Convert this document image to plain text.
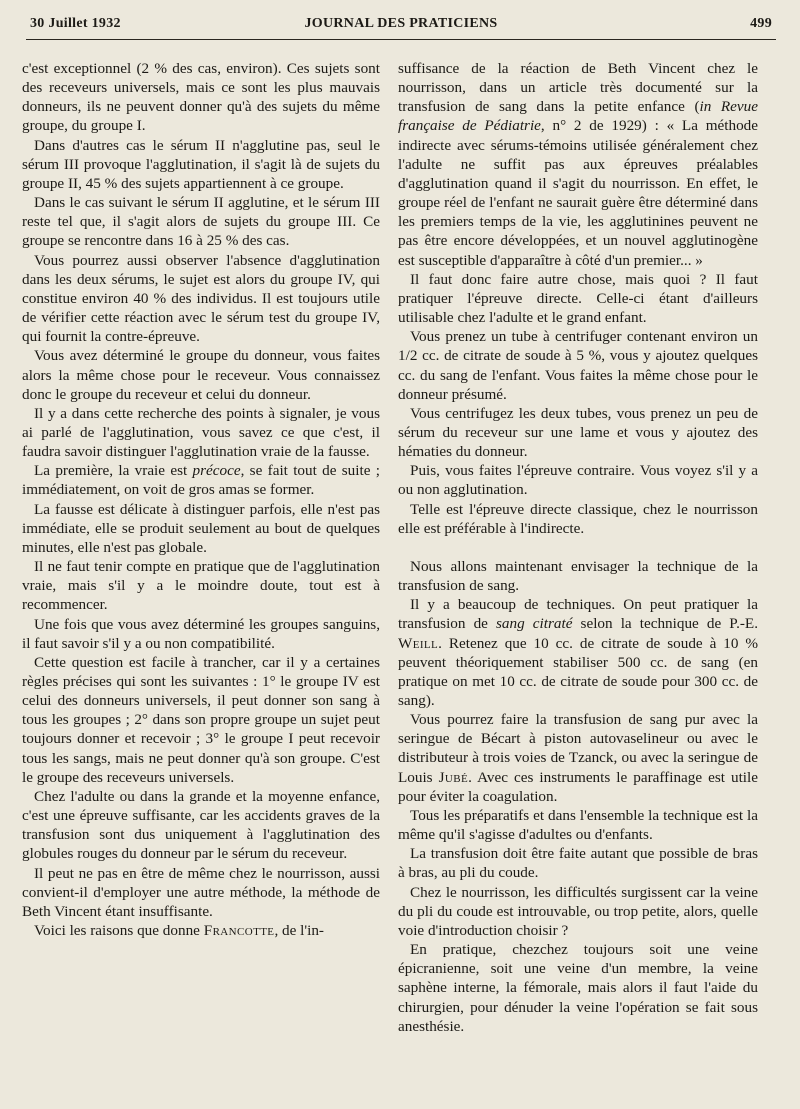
30 Juillet 1932	JOURNAL DES PRATICIENS	499

c'est exceptionnel (2 % des cas, environ). Ces sujets sont des receveurs universels, mais ce sont les plus mauvais donneurs, ils ne peuvent donner qu'à des sujets du même groupe, du groupe I.

Dans d'autres cas le sérum II n'agglutine pas, seul le sérum III provoque l'agglutination, il s'agit là de sujets du groupe II, 45 % des sujets appartiennent à ce groupe.

Dans le cas suivant le sérum II agglutine, et le sérum III reste tel que, il s'agit alors de sujets du groupe III. Ce groupe se rencontre dans 16 à 25 % des cas.

Vous pourrez aussi observer l'absence d'agglutination dans les deux sérums, le sujet est alors du groupe IV, qui constitue environ 40 % des individus. Il est toujours utile de vérifier cette réaction avec le sérum test du groupe IV, qui fournit la contre-épreuve.

Vous avez déterminé le groupe du donneur, vous faites alors la même chose pour le receveur. Vous connaissez donc le groupe du receveur et celui du donneur.

Il y a dans cette recherche des points à signaler, je vous ai parlé de l'agglutination, vous savez ce que c'est, il faudra savoir distinguer l'agglutination vraie de la fausse.

La première, la vraie est précoce, se fait tout de suite ; immédiatement, on voit de gros amas se former.

La fausse est délicate à distinguer parfois, elle n'est pas immédiate, elle se produit seulement au bout de quelques minutes, elle n'est pas globale.

Il ne faut tenir compte en pratique que de l'agglutination vraie, mais s'il y a le moindre doute, tout est à recommencer.

Une fois que vous avez déterminé les groupes sanguins, il faut savoir s'il y a ou non compatibilité.

Cette question est facile à trancher, car il y a certaines règles précises qui sont les suivantes : 1° le groupe IV est celui des donneurs universels, il peut donner son sang à tous les groupes ; 2° dans son propre groupe un sujet peut toujours donner et recevoir ; 3° le groupe I peut recevoir tous les sangs, mais ne peut donner qu'à son groupe. C'est le groupe des receveurs universels.

Chez l'adulte ou dans la grande et la moyenne enfance, c'est une épreuve suffisante, car les accidents graves de la transfusion sont dus uniquement à l'agglutination des globules rouges du donneur par le sérum du receveur.

Il peut ne pas en être de même chez le nourrisson, aussi convient-il d'employer une autre méthode, la méthode de Beth Vincent étant insuffisante.

Voici les raisons que donne Francotte, de l'in-

suffisance de la réaction de Beth Vincent chez le nourrisson, dans un article très documenté sur la transfusion de sang dans la petite enfance (in Revue française de Pédiatrie, n° 2 de 1929) : « La méthode indirecte avec sérums-témoins utilisée généralement chez l'adulte ne suffit pas aux épreuves préalables d'agglutination quand il s'agit du nourrisson. En effet, le groupe réel de l'enfant ne saurait guère être déterminé dans les premiers temps de la vie, les agglutinines peuvent ne pas être encore développées, et un nouvel agglutinogène est susceptible d'apparaître à côté d'un premier... »

Il faut donc faire autre chose, mais quoi ? Il faut pratiquer l'épreuve directe. Celle-ci étant d'ailleurs utilisable chez l'adulte et le grand enfant.

Vous prenez un tube à centrifuger contenant environ un 1/2 cc. de citrate de soude à 5 %, vous y ajoutez quelques cc. du sang de l'enfant. Vous faites la même chose pour le donneur présumé.

Vous centrifugez les deux tubes, vous prenez un peu de sérum du receveur sur une lame et vous y ajoutez des hématies du donneur.

Puis, vous faites l'épreuve contraire. Vous voyez s'il y a ou non agglutination.

Telle est l'épreuve directe classique, chez le nourrisson elle est préférable à l'indirecte.

Nous allons maintenant envisager la technique de la transfusion de sang.

Il y a beaucoup de techniques. On peut pratiquer la transfusion de sang citraté selon la technique de P.-E. Weill. Retenez que 10 cc. de citrate de soude à 10 % peuvent théoriquement stabiliser 500 cc. de sang (en pratique on met 10 cc. de citrate de soude pour 300 cc. de sang).

Vous pourrez faire la transfusion de sang pur avec la seringue de Bécart à piston autovaselineur ou avec le distributeur à trois voies de Tzanck, ou avec la seringue de Louis Jubé. Avec ces instruments le paraffinage est utile pour éviter la coagulation.

Tous les préparatifs et dans l'ensemble la technique est la même qu'il s'agisse d'adultes ou d'enfants.

La transfusion doit être faite autant que possible de bras à bras, au pli du coude.

Chez le nourrisson, les difficultés surgissent car la veine du pli du coude est introuvable, ou trop petite, alors, quelle voie d'introduction choisir ?

En pratique, chezchez toujours soit une veine épicranienne, soit une veine d'un membre, la veine saphène interne, la fémorale, mais alors il faut l'aide du chirurgien, pour dénuder la veine l'opération se fait sous anesthésie.
